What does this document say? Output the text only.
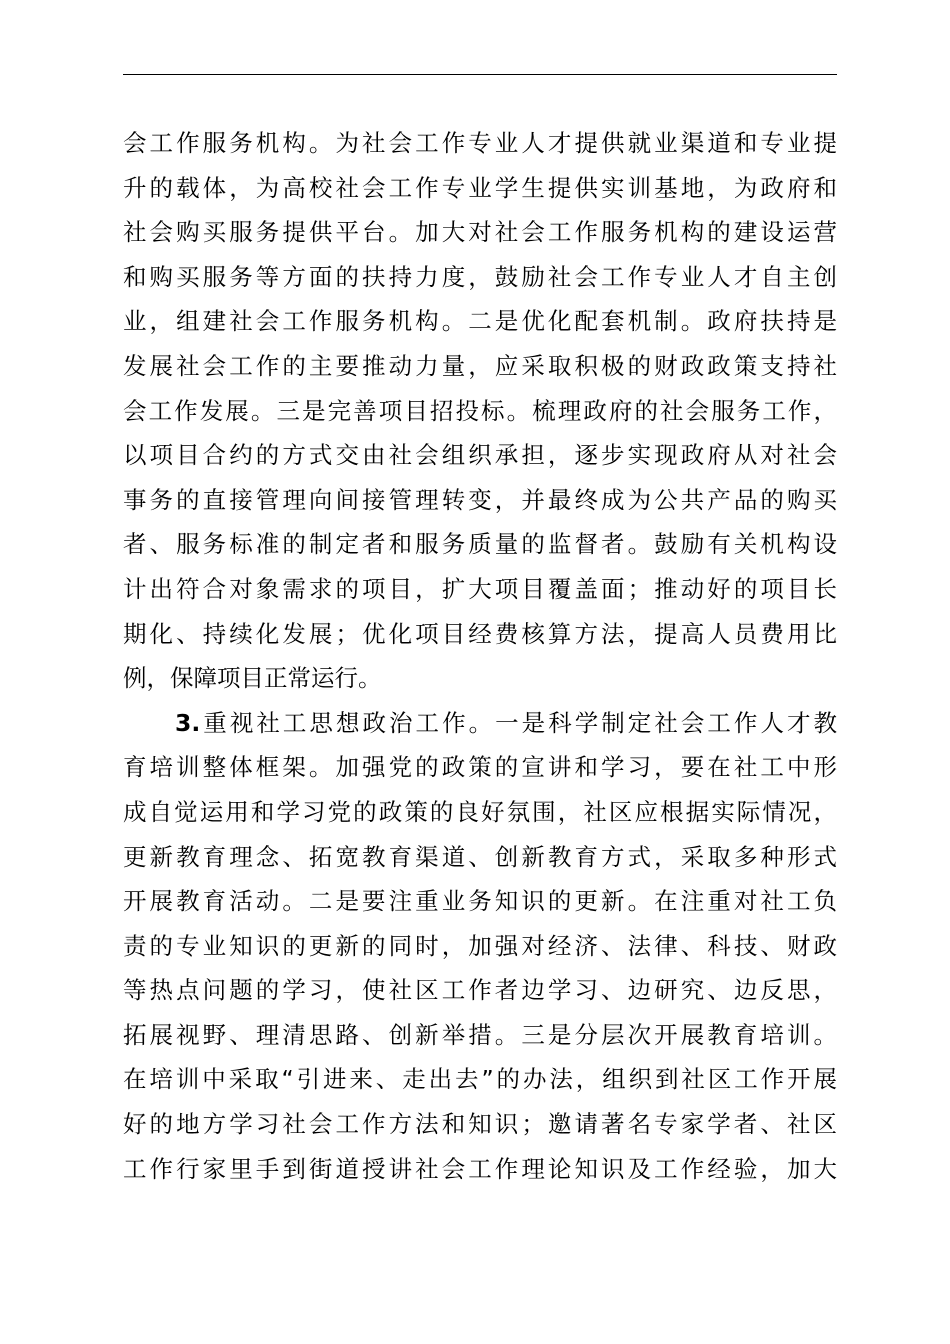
会工作服务机构。为社会工作专业人才提供就业渠道和专业提
升的载体，为高校社会工作专业学生提供实训基地，为政府和
社会购买服务提供平台。加大对社会工作服务机构的建设运营
和购买服务等方面的扶持力度，鼓励社会工作专业人才自主创
业，组建社会工作服务机构。二是优化配套机制。政府扶持是
发展社会工作的主要推动力量，应采取积极的财政政策支持社
会工作发展。三是完善项目招投标。梳理政府的社会服务工作，
以项目合约的方式交由社会组织承担，逐步实现政府从对社会
事务的直接管理向间接管理转变，并最终成为公共产品的购买
者、服务标准的制定者和服务质量的监督者。鼓励有关机构设
计出符合对象需求的项目，扩大项目覆盖面；推动好的项目长
期化、持续化发展；优化项目经费核算方法，提高人员费用比
例，保障项目正常运行。
3.重视社工思想政治工作。一是科学制定社会工作人才教
育培训整体框架。加强党的政策的宣讲和学习，要在社工中形
成自觉运用和学习党的政策的良好氛围，社区应根据实际情况，
更新教育理念、拓宽教育渠道、创新教育方式，采取多种形式
开展教育活动。二是要注重业务知识的更新。在注重对社工负
责的专业知识的更新的同时，加强对经济、法律、科技、财政
等热点问题的学习，使社区工作者边学习、边研究、边反思，
拓展视野、理清思路、创新举措。三是分层次开展教育培训。
在培训中采取“引进来、走出去”的办法，组织到社区工作开展
好的地方学习社会工作方法和知识；邀请著名专家学者、社区
工作行家里手到街道授讲社会工作理论知识及工作经验，加大
